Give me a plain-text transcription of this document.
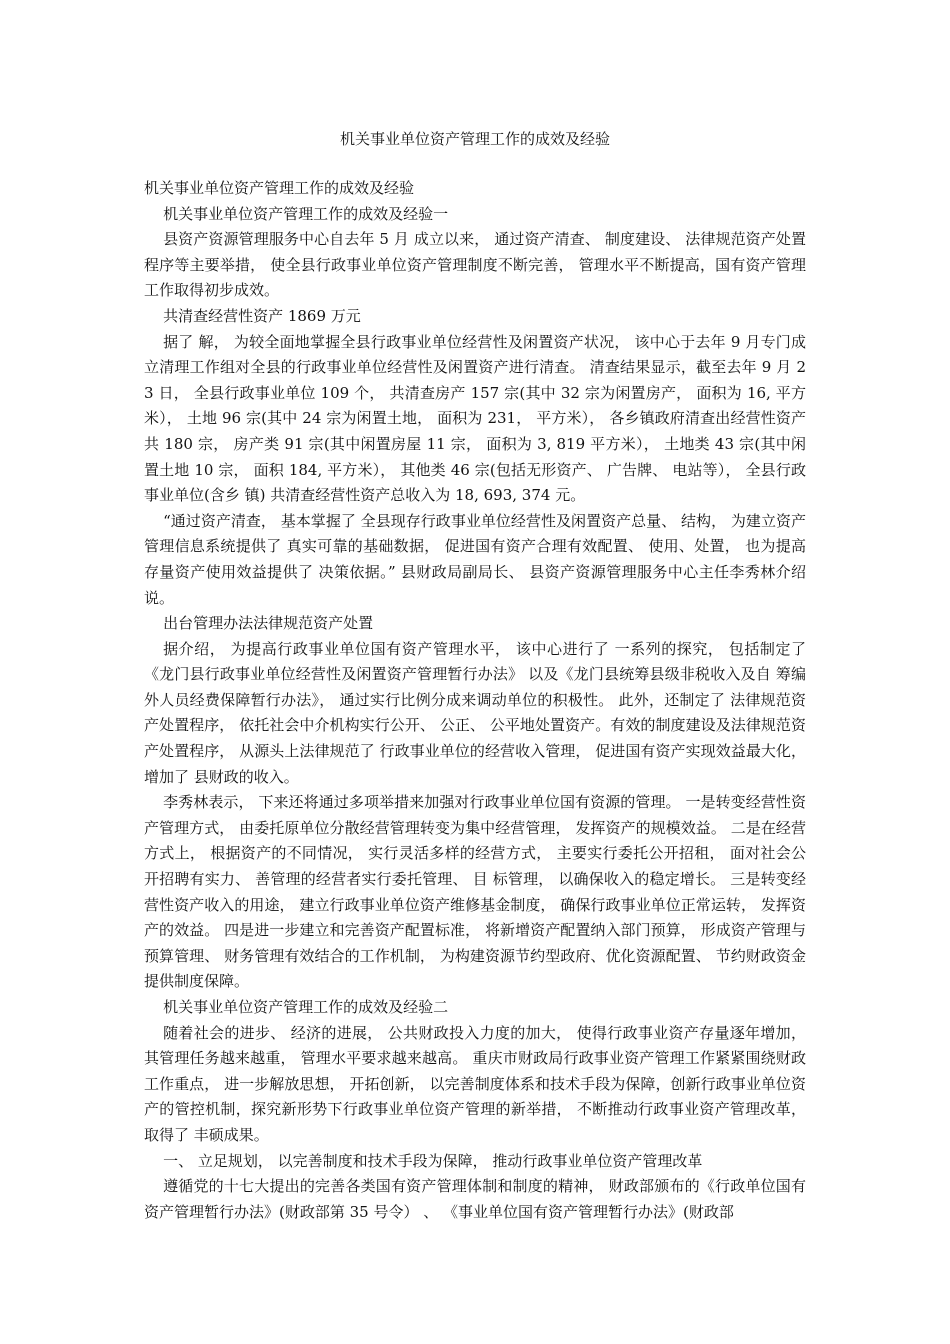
机关事业单位资产管理工作的成效及经验

机关事业单位资产管理工作的成效及经验

机关事业单位资产管理工作的成效及经验一

县资产资源管理服务中心自去年 5 月 成立以来， 通过资产清查、 制度建设、 法律规范资产处置程序等主要举措， 使全县行政事业单位资产管理制度不断完善， 管理水平不断提高，国有资产管理工作取得初步成效。

共清查经营性资产 1869 万元

据了 解， 为较全面地掌握全县行政事业单位经营性及闲置资产状况， 该中心于去年 9 月专门成立清理工作组对全县的行政事业单位经营性及闲置资产进行清查。 清查结果显示，截至去年 9 月 23 日， 全县行政事业单位 109 个， 共清查房产 157 宗(其中 32 宗为闲置房产， 面积为 16, 平方米）， 土地 96 宗(其中 24 宗为闲置土地， 面积为 231， 平方米）， 各乡镇政府清查出经营性资产共 180 宗， 房产类 91 宗(其中闲置房屋 11 宗， 面积为 3, 819 平方米）， 土地类 43 宗(其中闲置土地 10 宗， 面积 184, 平方米）， 其他类 46 宗(包括无形资产、 广告牌、 电站等）， 全县行政事业单位(含乡 镇) 共清查经营性资产总收入为 18, 693, 374 元。

“通过资产清查， 基本掌握了 全县现存行政事业单位经营性及闲置资产总量、 结构， 为建立资产管理信息系统提供了 真实可靠的基础数据， 促进国有资产合理有效配置、 使用、处置， 也为提高存量资产使用效益提供了 决策依据。” 县财政局副局长、 县资产资源管理服务中心主任李秀林介绍说。

出台管理办法法律规范资产处置

据介绍， 为提高行政事业单位国有资产管理水平， 该中心进行了 一系列的探究， 包括制定了 《龙门县行政事业单位经营性及闲置资产管理暂行办法》 以及《龙门县统筹县级非税收入及自 筹编外人员经费保障暂行办法》， 通过实行比例分成来调动单位的积极性。 此外，还制定了 法律规范资产处置程序， 依托社会中介机构实行公开、 公正、 公平地处置资产。有效的制度建设及法律规范资产处置程序， 从源头上法律规范了 行政事业单位的经营收入管理， 促进国有资产实现效益最大化，增加了 县财政的收入。

李秀林表示， 下来还将通过多项举措来加强对行政事业单位国有资源的管理。 一是转变经营性资产管理方式， 由委托原单位分散经营管理转变为集中经营管理， 发挥资产的规模效益。 二是在经营方式上， 根据资产的不同情况， 实行灵活多样的经营方式， 主要实行委托公开招租， 面对社会公开招聘有实力、 善管理的经营者实行委托管理、 目 标管理， 以确保收入的稳定增长。 三是转变经营性资产收入的用途， 建立行政事业单位资产维修基金制度， 确保行政事业单位正常运转， 发挥资产的效益。 四是进一步建立和完善资产配置标准， 将新增资产配置纳入部门预算， 形成资产管理与预算管理、 财务管理有效结合的工作机制， 为构建资源节约型政府、优化资源配置、 节约财政资金提供制度保障。

机关事业单位资产管理工作的成效及经验二

随着社会的进步、 经济的进展， 公共财政投入力度的加大， 使得行政事业资产存量逐年增加， 其管理任务越来越重， 管理水平要求越来越高。 重庆市财政局行政事业资产管理工作紧紧围绕财政工作重点， 进一步解放思想， 开拓创新， 以完善制度体系和技术手段为保障，创新行政事业单位资产的管控机制，探究新形势下行政事业单位资产管理的新举措， 不断推动行政事业资产管理改革， 取得了 丰硕成果。

一、 立足规划， 以完善制度和技术手段为保障， 推动行政事业单位资产管理改革

遵循党的十七大提出的完善各类国有资产管理体制和制度的精神， 财政部颁布的《行政单位国有资产管理暂行办法》(财政部第 35 号令） 、 《事业单位国有资产管理暂行办法》(财政部
